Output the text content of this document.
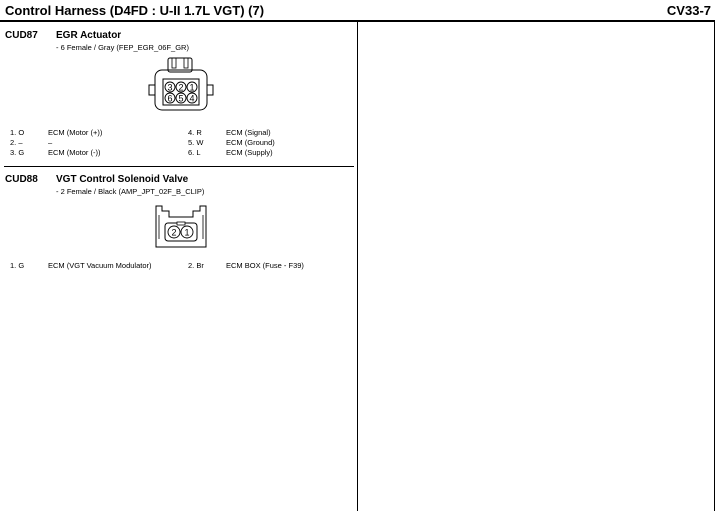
Control Harness (D4FD : U-II 1.7L VGT) (7)	CV33-7
CUD87 EGR Actuator
- 6 Female / Gray (FEP_EGR_06F_GR)
3 2 1
6 5 4
1. O	ECM (Motor (+))
2. –	–
3. G	ECM (Motor (-))
4. R	ECM (Signal)
5. W	ECM (Ground)
6. L	ECM (Supply)
CUD88 VGT Control Solenoid Valve
- 2 Female / Black (AMP_JPT_02F_B_CLIP)
2 1
1. G	ECM (VGT Vacuum Modulator)	2. Br	ECM BOX (Fuse - F39)
